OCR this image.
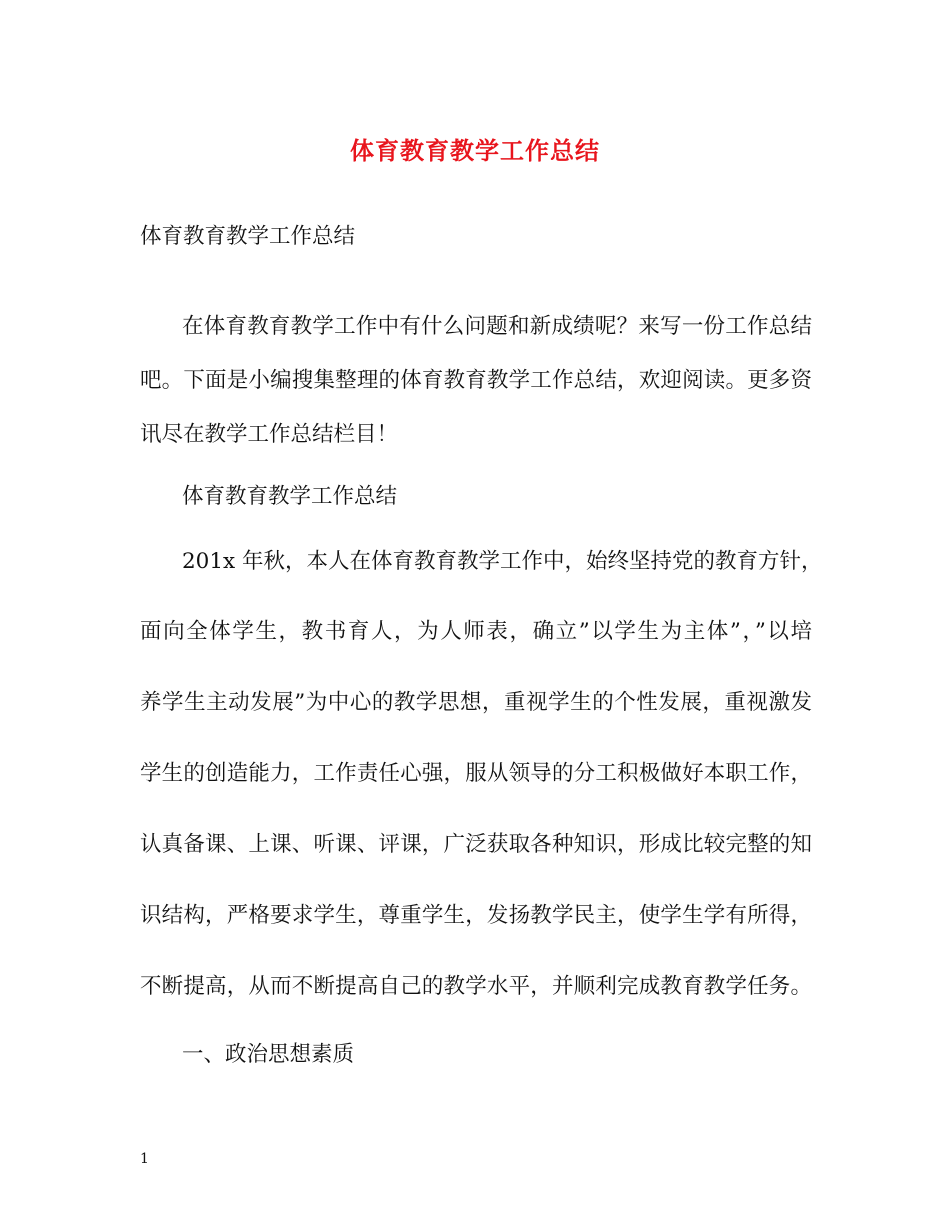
体育教育教学工作总结
体育教育教学工作总结
在体育教育教学工作中有什么问题和新成绩呢？来写一份工作总结
吧。下面是小编搜集整理的体育教育教学工作总结，欢迎阅读。更多资
讯尽在教学工作总结栏目！
体育教育教学工作总结
201x 年秋，本人在体育教育教学工作中，始终坚持党的教育方针，
面向全体学生，教书育人，为人师表，确立”以学生为主体”，”以培
养学生主动发展”为中心的教学思想，重视学生的个性发展，重视激发
学生的创造能力，工作责任心强，服从领导的分工积极做好本职工作，
认真备课、上课、听课、评课，广泛获取各种知识，形成比较完整的知
识结构，严格要求学生，尊重学生，发扬教学民主，使学生学有所得，
不断提高，从而不断提高自己的教学水平，并顺利完成教育教学任务。
一、政治思想素质
1
